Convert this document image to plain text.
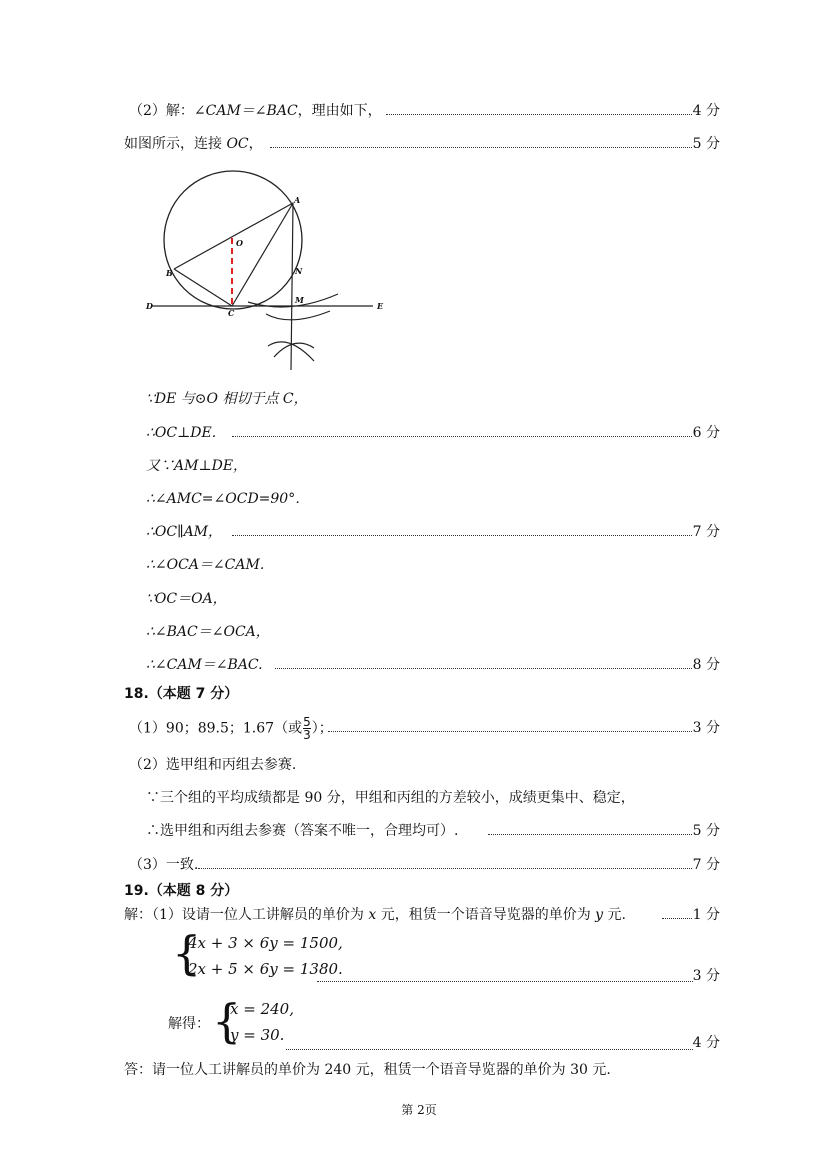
（2）解：∠CAM＝∠BAC，理由如下，	4 分
如图所示，连接 OC，	5 分
A
O
B	N
M
D
C
E
∵DE 与⊙O 相切于点 C，
∴OC⊥DE.	6 分
又∵AM⊥DE，
∴∠AMC=∠OCD=90°．
∴OC∥AM，	7 分
∴∠OCA＝∠CAM.
∵OC＝OA，
∴∠BAC＝∠OCA，
∴∠CAM＝∠BAC.	8 分
18.（本题 7 分）
（1）90；89.5；1.67（或 $\frac{5}{3}$ ）；	3 分
（2）选甲组和丙组去参赛.
∵三个组的平均成绩都是 90 分，甲组和丙组的方差较小，成绩更集中、稳定，
∴选甲组和丙组去参赛（答案不唯一，合理均可）.	5 分
（3）一致.	7 分
19.（本题 8 分）
解：（1）设请一位人工讲解员的单价为 x 元，租赁一个语音导览器的单价为 y 元.	1 分
{
4x + 3 × 6y = 1500,
2x + 5 × 6y = 1380.	3 分
解得： {
x = 240,
y = 30.	4 分
答：请一位人工讲解员的单价为 240 元，租赁一个语音导览器的单价为 30 元.
第 2页
